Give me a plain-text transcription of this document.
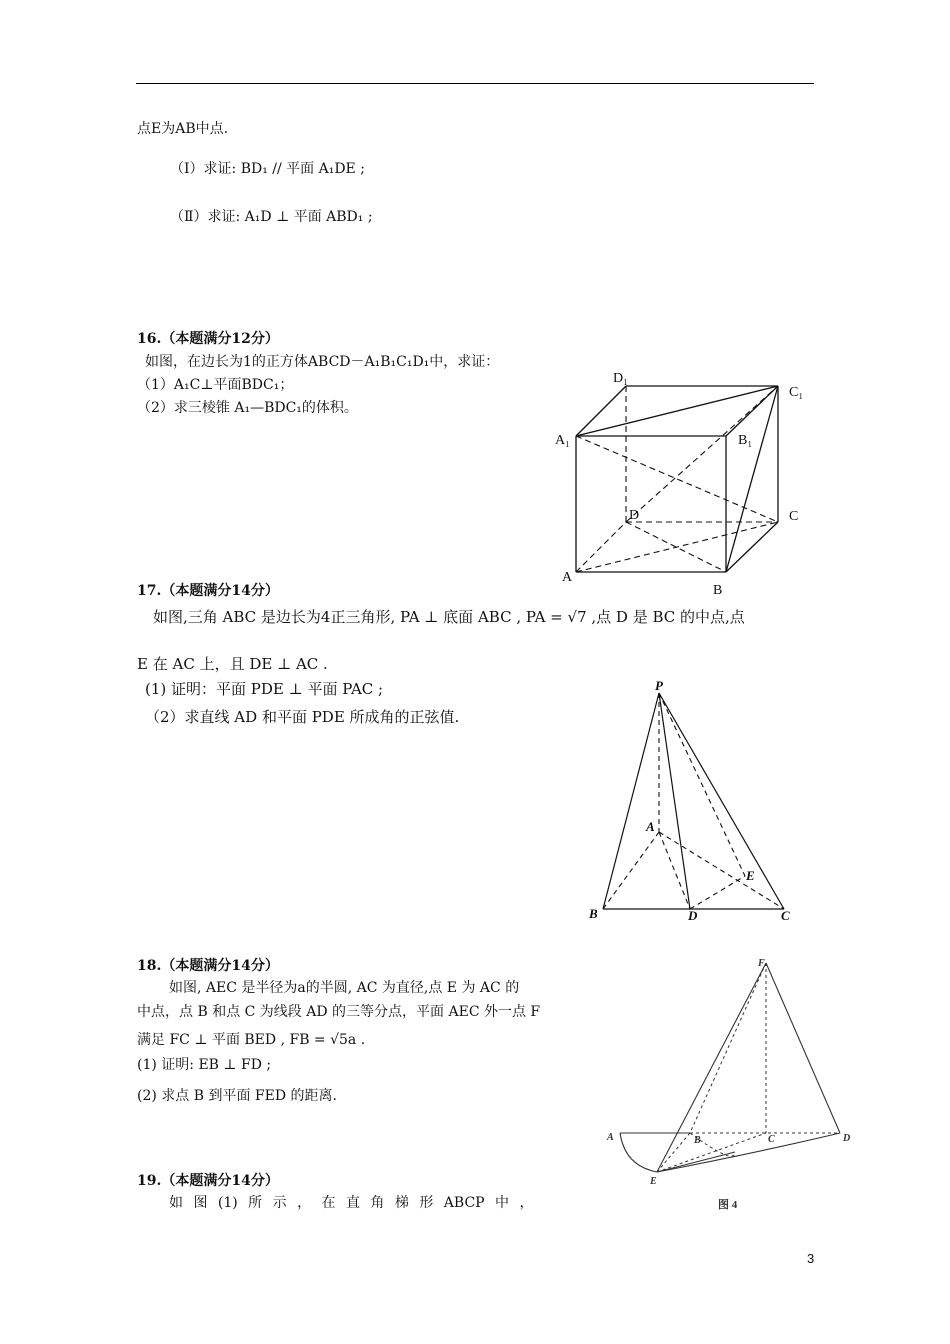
点E为AB中点.
（Ⅰ）求证: BD₁ // 平面 A₁DE ;
（Ⅱ）求证: A₁D ⊥ 平面 ABD₁ ;
16.（本题满分12分）
如图，在边长为1的正方体ABCD－A₁B₁C₁D₁中，求证：
（1）A₁C⊥平面BDC₁；
（2）求三棱锥 A₁—BDC₁的体积。
D₁
C₁
A₁	B₁
D	C
A
B
17.（本题满分14分）
如图,三角 ABC 是边长为4正三角形, PA ⊥ 底面 ABC , PA = √7 ,点 D 是 BC 的中点,点
E 在 AC 上，且 DE ⊥ AC .
(1) 证明：平面 PDE ⊥ 平面 PAC ;
（2）求直线 AD 和平面 PDE 所成角的正弦值.
P
A
E
B	D	C
18.（本题满分14分）
如图, AEC 是半径为a的半圆, AC 为直径,点 E 为 AC 的
中点，点 B 和点 C 为线段 AD 的三等分点，平面 AEC 外一点 F
满足 FC ⊥ 平面 BED , FB = √5a .
(1) 证明: EB ⊥ FD ;
(2) 求点 B 到平面 FED 的距离.
F
A	B	C	D
E
图 4
19.（本题满分14分）
如 图 (1) 所 示 ， 在 直 角 梯 形 ABCP 中 ，
3
